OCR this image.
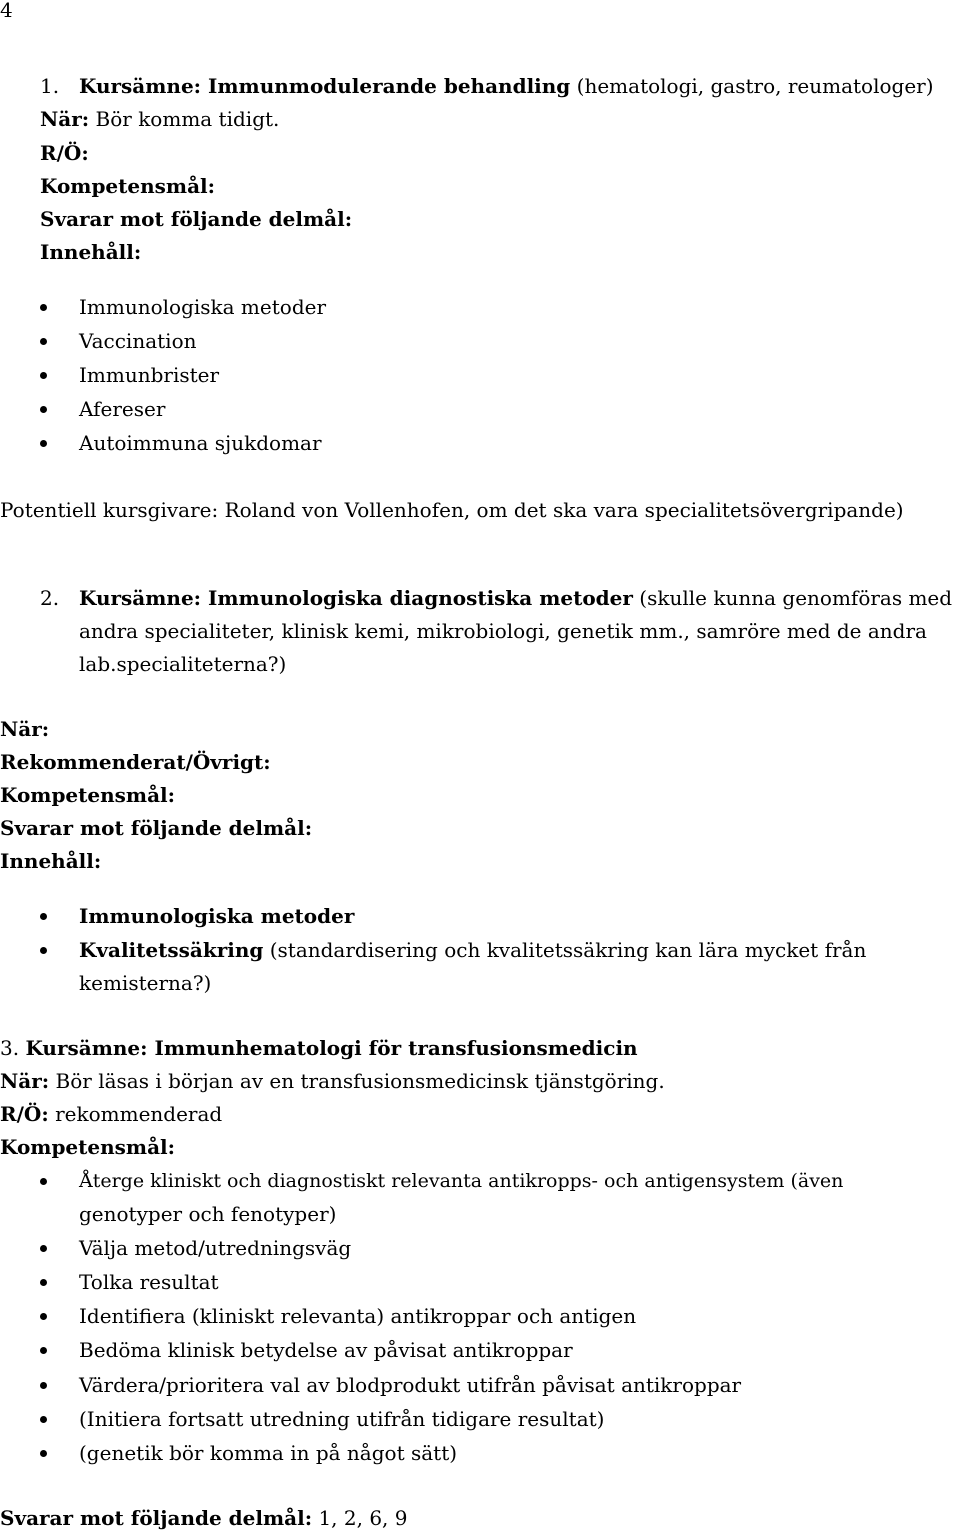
4
1. Kursämne: Immunmodulerande behandling (hematologi, gastro, reumatologer)
När: Bör komma tidigt.
R/Ö:
Kompetensmål:
Svarar mot följande delmål:
Innehåll:
Immunologiska metoder
Vaccination
Immunbrister
Afereser
Autoimmuna sjukdomar
Potentiell kursgivare: Roland von Vollenhofen, om det ska vara specialitetsövergripande)
2. Kursämne: Immunologiska diagnostiska metoder (skulle kunna genomföras med
andra specialiteter, klinisk kemi, mikrobiologi, genetik mm., samröre med de andra
lab.specialiteterna?)
När:
Rekommenderat/Övrigt:
Kompetensmål:
Svarar mot följande delmål:
Innehåll:
Immunologiska metoder
Kvalitetssäkring (standardisering och kvalitetssäkring kan lära mycket från
kemisterna?)
3. Kursämne: Immunhematologi för transfusionsmedicin
När: Bör läsas i början av en transfusionsmedicinsk tjänstgöring.
R/Ö: rekommenderad
Kompetensmål:
Återge kliniskt och diagnostiskt relevanta antikropps- och antigensystem (även
genotyper och fenotyper)
Välja metod/utredningsväg
Tolka resultat
Identifiera (kliniskt relevanta) antikroppar och antigen
Bedöma klinisk betydelse av påvisat antikroppar
Värdera/prioritera val av blodprodukt utifrån påvisat antikroppar
(Initiera fortsatt utredning utifrån tidigare resultat)
(genetik bör komma in på något sätt)
Svarar mot följande delmål: 1, 2, 6, 9
